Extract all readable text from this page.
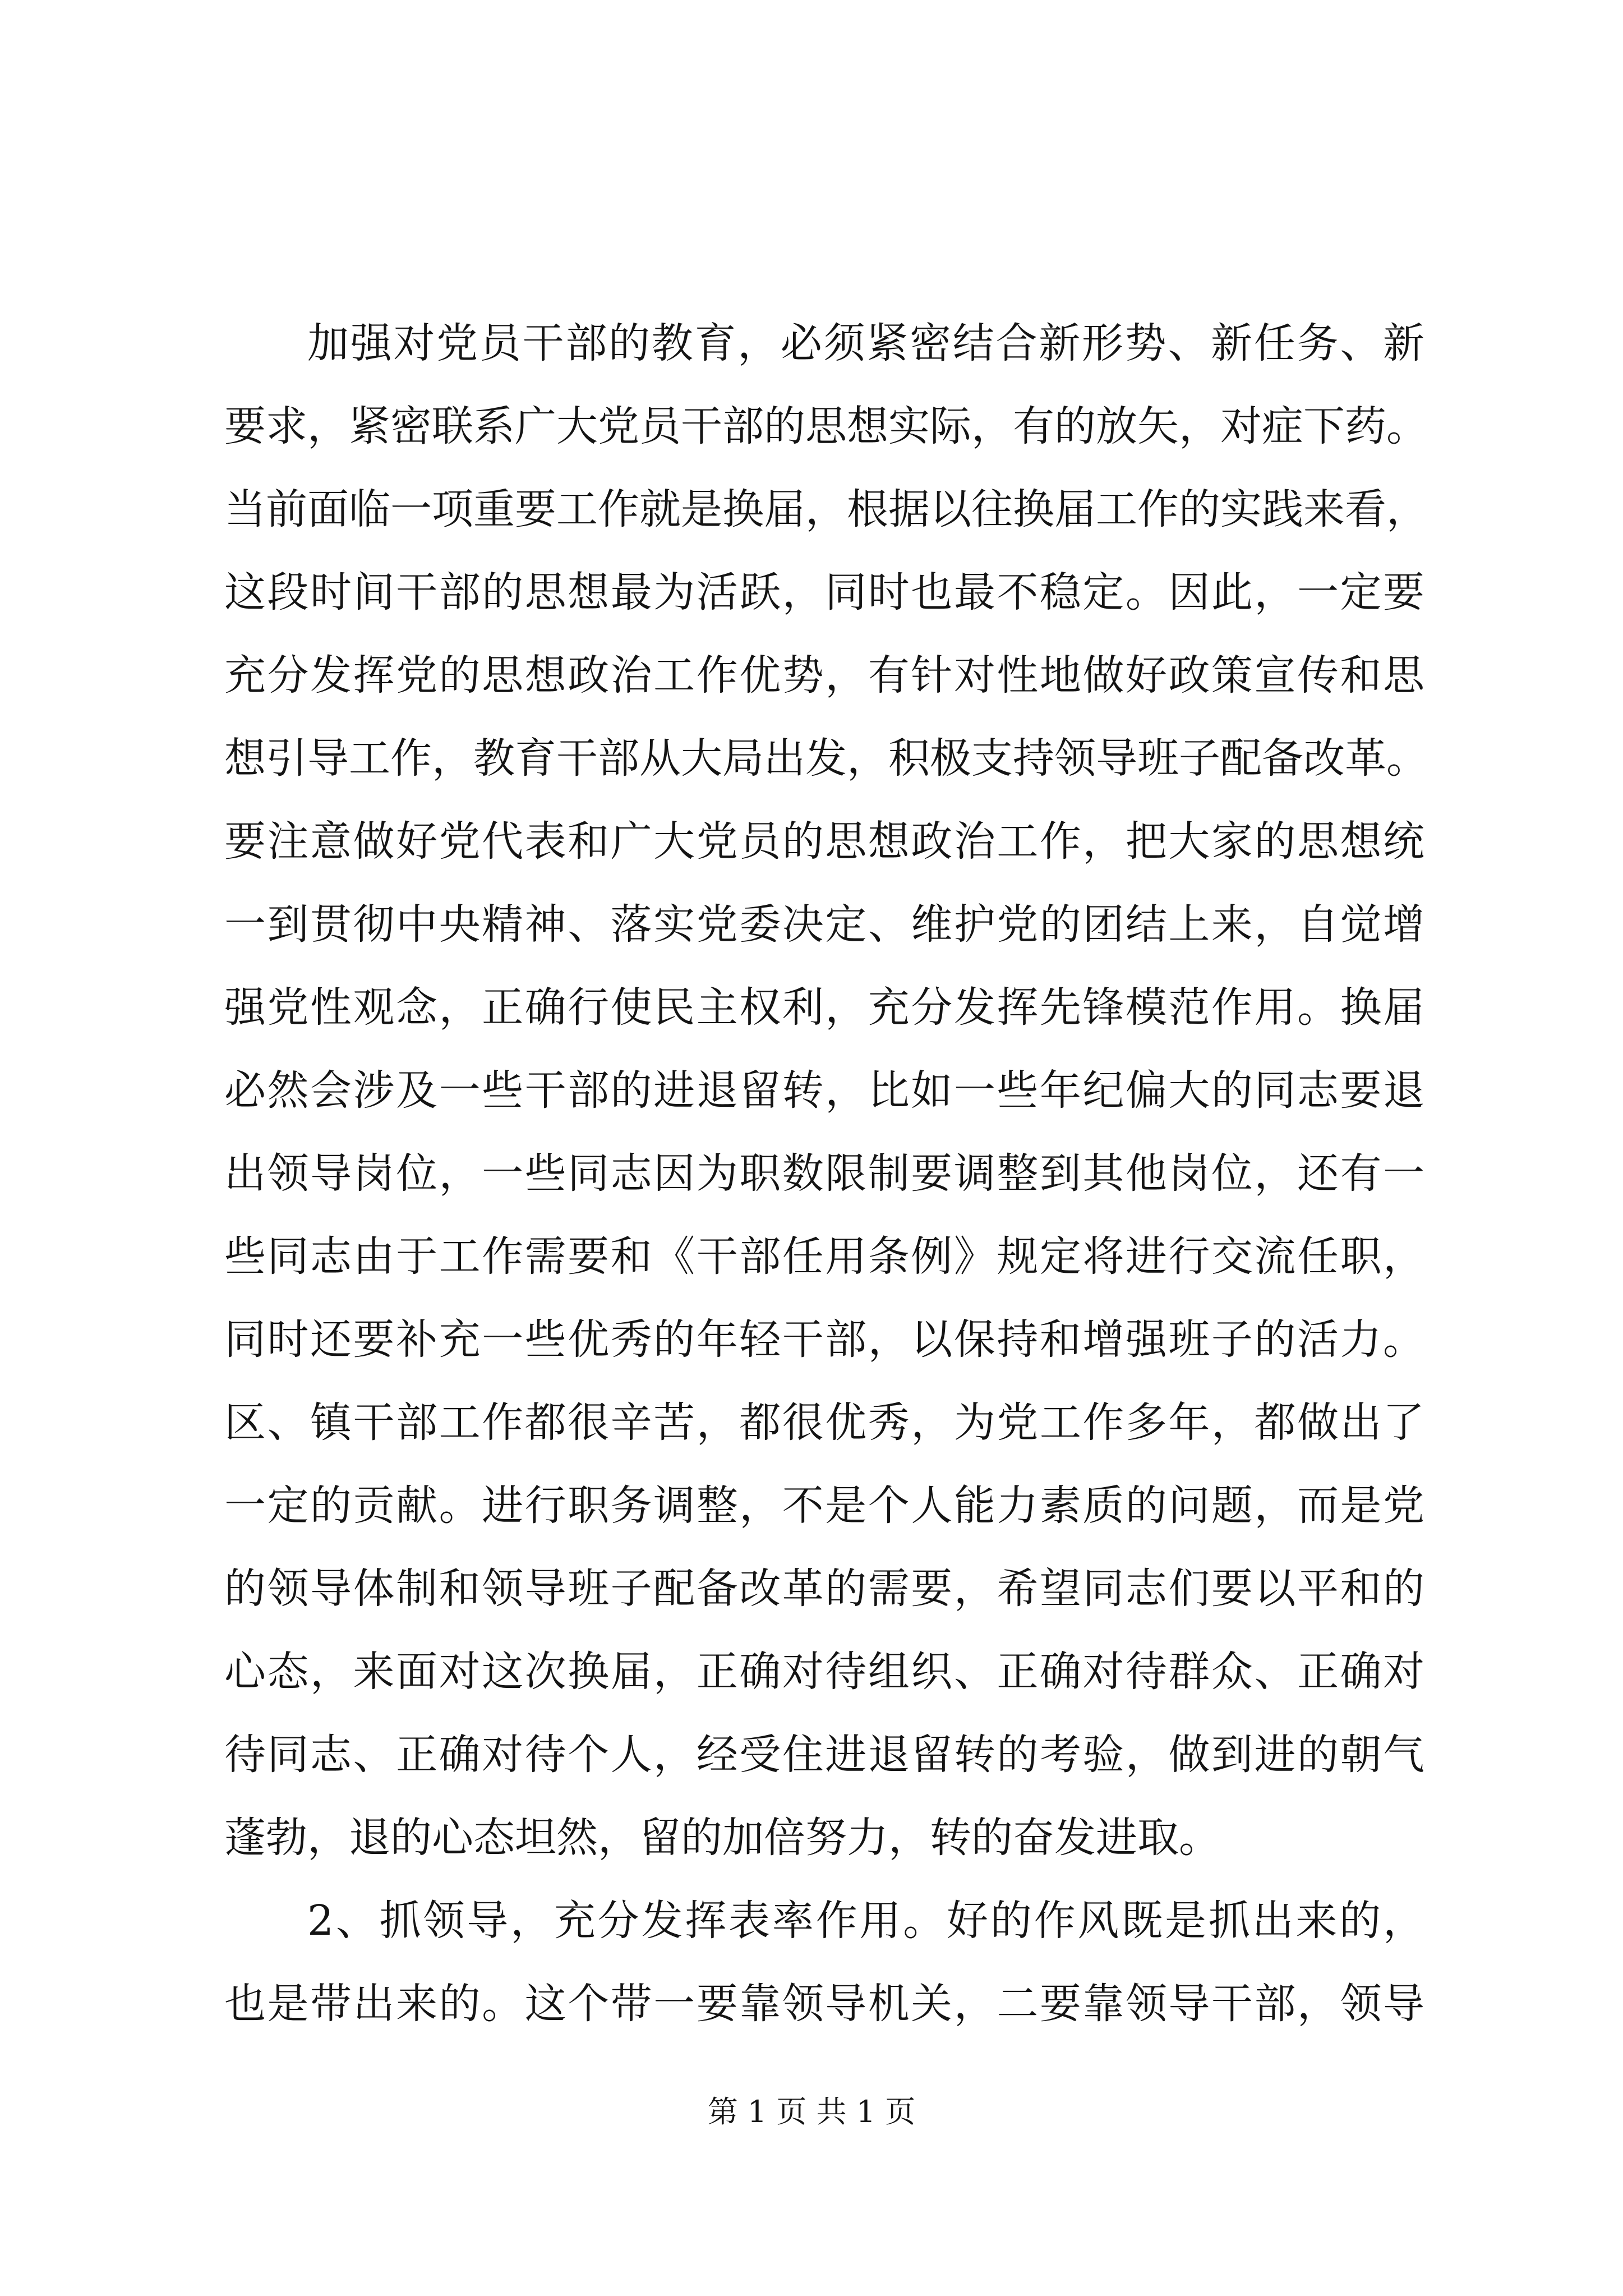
加强对党员干部的教育，必须紧密结合新形势、新任务、新
要求，紧密联系广大党员干部的思想实际，有的放矢，对症下药。
当前面临一项重要工作就是换届，根据以往换届工作的实践来看，
这段时间干部的思想最为活跃，同时也最不稳定。因此，一定要
充分发挥党的思想政治工作优势，有针对性地做好政策宣传和思
想引导工作，教育干部从大局出发，积极支持领导班子配备改革。
要注意做好党代表和广大党员的思想政治工作，把大家的思想统
一到贯彻中央精神、落实党委决定、维护党的团结上来，自觉增
强党性观念，正确行使民主权利，充分发挥先锋模范作用。换届
必然会涉及一些干部的进退留转，比如一些年纪偏大的同志要退
出领导岗位，一些同志因为职数限制要调整到其他岗位，还有一
些同志由于工作需要和《干部任用条例》规定将进行交流任职，
同时还要补充一些优秀的年轻干部，以保持和增强班子的活力。
区、镇干部工作都很辛苦，都很优秀，为党工作多年，都做出了
一定的贡献。进行职务调整，不是个人能力素质的问题，而是党
的领导体制和领导班子配备改革的需要，希望同志们要以平和的
心态，来面对这次换届，正确对待组织、正确对待群众、正确对
待同志、正确对待个人，经受住进退留转的考验，做到进的朝气
蓬勃，退的心态坦然，留的加倍努力，转的奋发进取。
2、抓领导，充分发挥表率作用。好的作风既是抓出来的，
也是带出来的。这个带一要靠领导机关，二要靠领导干部，领导
第 1 页 共 1 页
